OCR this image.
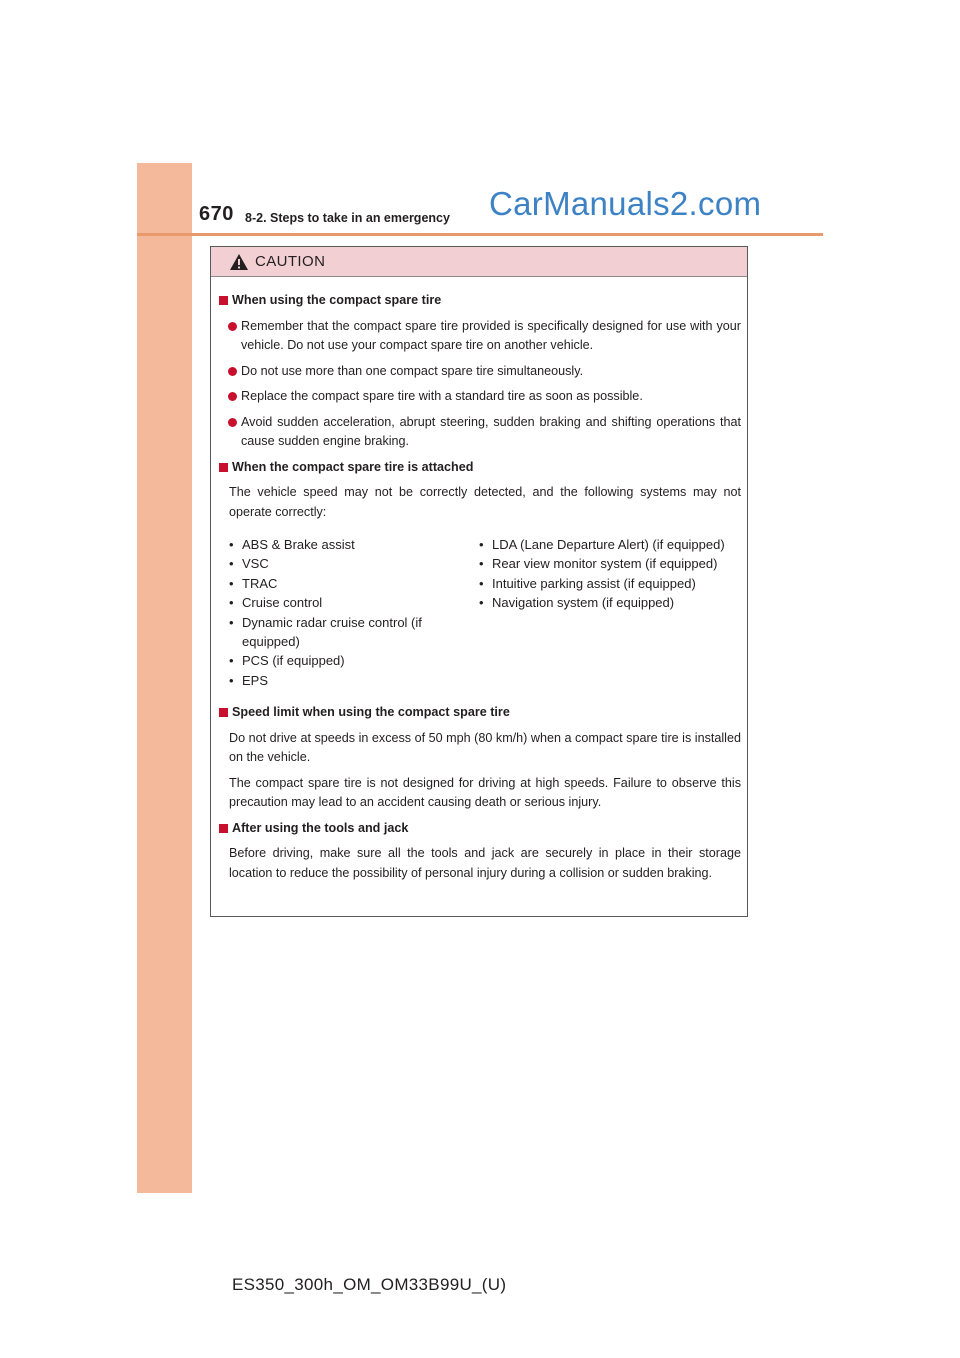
670 8-2. Steps to take in an emergency CarManuals2.com
CAUTION
When using the compact spare tire
Remember that the compact spare tire provided is specifically designed for use with your vehicle. Do not use your compact spare tire on another vehicle.
Do not use more than one compact spare tire simultaneously.
Replace the compact spare tire with a standard tire as soon as possible.
Avoid sudden acceleration, abrupt steering, sudden braking and shifting operations that cause sudden engine braking.
When the compact spare tire is attached
The vehicle speed may not be correctly detected, and the following systems may not operate correctly:
• ABS & Brake assist
• VSC
• TRAC
• Cruise control
• Dynamic radar cruise control (if equipped)
• PCS (if equipped)
• EPS
• LDA (Lane Departure Alert) (if equipped)
• Rear view monitor system (if equipped)
• Intuitive parking assist (if equipped)
• Navigation system (if equipped)
Speed limit when using the compact spare tire
Do not drive at speeds in excess of 50 mph (80 km/h) when a compact spare tire is installed on the vehicle.
The compact spare tire is not designed for driving at high speeds. Failure to observe this precaution may lead to an accident causing death or serious injury.
After using the tools and jack
Before driving, make sure all the tools and jack are securely in place in their storage location to reduce the possibility of personal injury during a collision or sudden braking.
ES350_300h_OM_OM33B99U_(U)
